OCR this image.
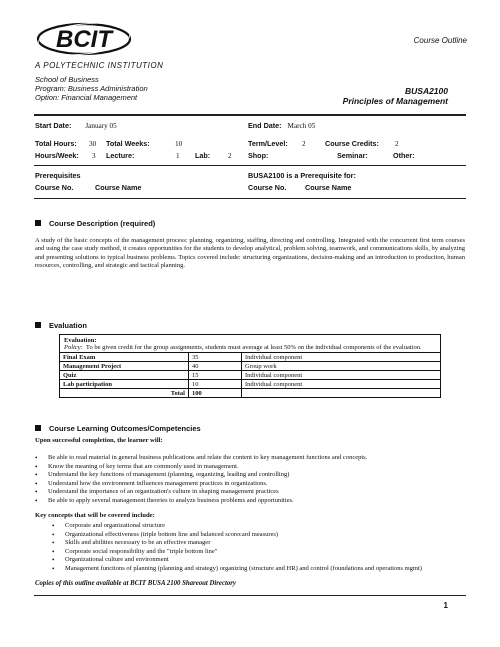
BCIT
A POLYTECHNIC INSTITUTION
Course Outline
School of Business
Program: Business Administration
Option: Financial Management
BUSA2100
Principles of Management
Start Date: January 05	End Date: March 05
Total Hours: 30 Total Weeks:	10	Term/Level: 2	Course Credits: 2
Hours/Week: 3 Lecture:	1 Lab: 2 Shop:	Seminar:	Other:
Prerequisites	BUSA2100 is a Prerequisite for:
Course No.	Course Name	Course No.	Course Name
Course Description (required)
A study of the basic concepts of the management process: planning, organizing, staffing, directing and controlling. Integrated with the concurrent first term courses and using the case study method, it creates opportunities for the students to develop analytical, problem solving, teamwork, and communications skills, by analyzing and presenting solutions to typical business problems. Topics covered include: structuring organizations, decision-making and an introduction to production, human resources, controlling, and strategic and tactical planning.
Evaluation
Evaluation:
Policy: To be given credit for the group assignments, students must average at least 50% on the individual components of the evaluation.		

Final Exam	35	Individual component
Management Project	40	Group work
Quiz	15	Individual component
Lab participation	10	Individual component
Total	100	
Course Learning Outcomes/Competencies
Upon successful completion, the learner will:
• Be able to read material in general business publications and relate the content to key management functions and concepts.
• Know the meaning of key terms that are commonly used in management.
• Understand the key functions of management (planning, organizing, leading and controlling)
• Understand how the environment influences management practices in organizations.
• Understand the importance of an organization's culture in shaping management practices
• Be able to apply several management theories to analyze business problems and opportunities.
Key concepts that will be covered include:
• Corporate and organizational structure
• Organizational effectiveness (triple bottom line and balanced scorecard measures)
• Skills and abilities necessary to be an effective manager
• Corporate social responsibility and the "triple bottom line"
• Organizational culture and environment
• Management functions of planning (planning and strategy) organizing (structure and HR) and control (foundations and operations mgmt)
Copies of this outline available at BCIT BUSA 2100 Shareout Directory
1
